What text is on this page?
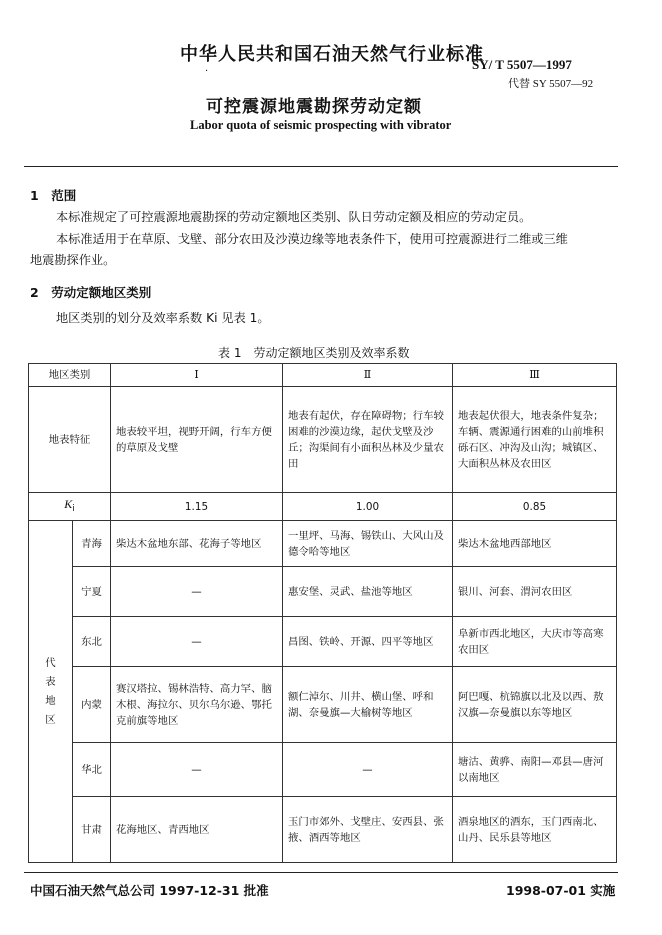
中华人民共和国石油天然气行业标准
SY/ T 5507—1997
代替 SY 5507—92
·
可控震源地震勘探劳动定额
Labor quota of seismic prospecting with vibrator
1　范围
本标准规定了可控震源地震勘探的劳动定额地区类别、队日劳动定额及相应的劳动定员。
本标准适用于在草原、戈壁、部分农田及沙漠边缘等地表条件下，使用可控震源进行二维或三维
地震勘探作业。
2　劳动定额地区类别
地区类别的划分及效率系数 Ki 见表 1。
表 1　劳动定额地区类别及效率系数
地区类别		Ⅰ	Ⅱ	Ⅲ
地表特征		地表较平坦，视野开阔，行车方便的草原及戈壁	地表有起伏，存在障碍物；行车较困难的沙漠边缘，起伏戈壁及沙丘；沟渠间有小面积丛林及少量农田	地表起伏很大，地表条件复杂；车辆、震源通行困难的山前堆积砾石区、冲沟及山沟；城镇区、大面积丛林及农田区
$K_i$		1.15	1.00	0.85

代
表
地
区	青海	柴达木盆地东部、花海子等地区	一里坪、马海、锡铁山、大风山及德令哈等地区	柴达木盆地西部地区
	宁夏	—	惠安堡、灵武、盐池等地区	银川、河套、渭河农田区
	东北	—	昌图、铁岭、开源、四平等地区	阜新市西北地区，大庆市等高寒农田区
	内蒙	赛汉塔拉、锡林浩特、高力罕、脑木根、海拉尔、贝尔乌尔逊、鄂托克前旗等地区	额仁淖尔、川井、横山堡、呼和湖、奈曼旗—大榆树等地区	阿巴嘎、杭锦旗以北及以西、敖汉旗—奈曼旗以东等地区
	华北	—	—	塘沽、黄骅、南阳—邓县—唐河以南地区
	甘肃	花海地区、青西地区	玉门市郊外、戈壁庄、安西县、张掖、酒西等地区	酒泉地区的酒东，玉门西南北、山丹、民乐县等地区
中国石油天然气总公司 1997-12-31 批准	1998-07-01 实施
